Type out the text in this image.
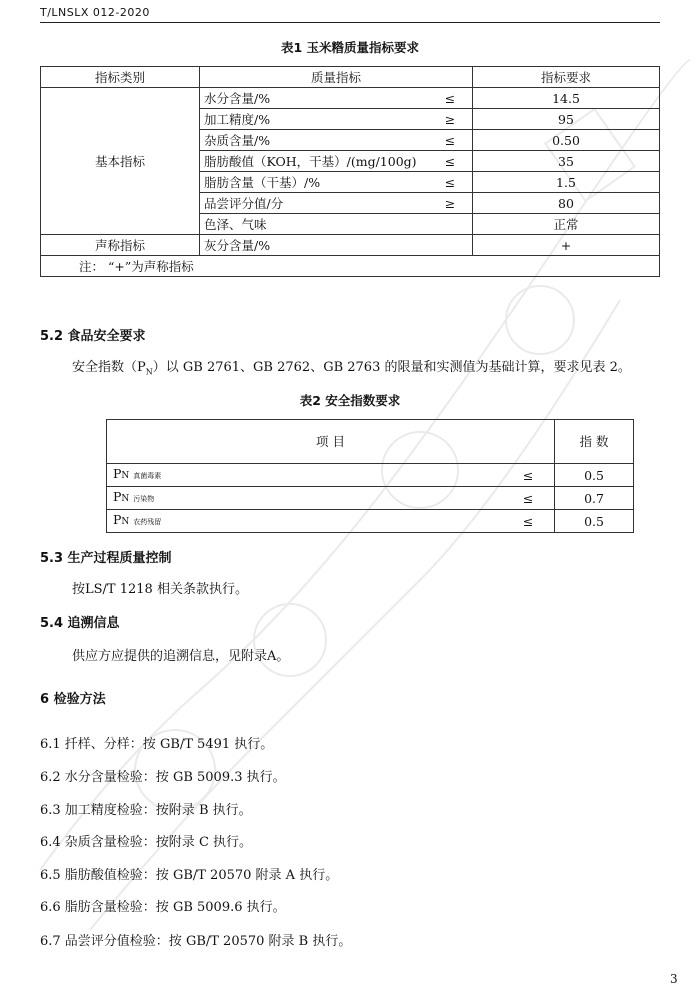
T/LNSLX 012-2020
表1 玉米糌质量指标要求
指标类别	质量指标		指标要求
基本指标	水分含量/%	≤	14.5
	加工精度/%	≥	95
	杂质含量/%	≤	0.50
	脂肪酸值（KOH，干基）/(mg/100g)	≤	35
	脂肪含量（干基）/%	≤	1.5
	品尝评分值/分	≥	80
	色泽、气味		正常
声称指标	灰分含量/%		+
注： “+”为声称指标			
5.2 食品安全要求
安全指数$(P_N)$以 GB 2761、GB 2762、GB 2763 的限量和实测值为基础计算，要求见表 2。
表2 安全指数要求
项 目		指 数
PN 真菌毒素	≤	0.5
PN 污染物	≤	0.7
PN 农药残留	≤	0.5
5.3 生产过程质量控制
按LS/T 1218 相关条款执行。
5.4 追溯信息
供应方应提供的追溯信息，见附录A。
6 检验方法
6.1 扦样、分样：按 GB/T 5491 执行。
6.2 水分含量检验：按 GB 5009.3 执行。
6.3 加工精度检验：按附录 B 执行。
6.4 杂质含量检验：按附录 C 执行。
6.5 脂肪酸值检验：按 GB/T 20570 附录 A 执行。
6.6 脂肪含量检验：按 GB 5009.6 执行。
6.7 品尝评分值检验：按 GB/T 20570 附录 B 执行。
3
